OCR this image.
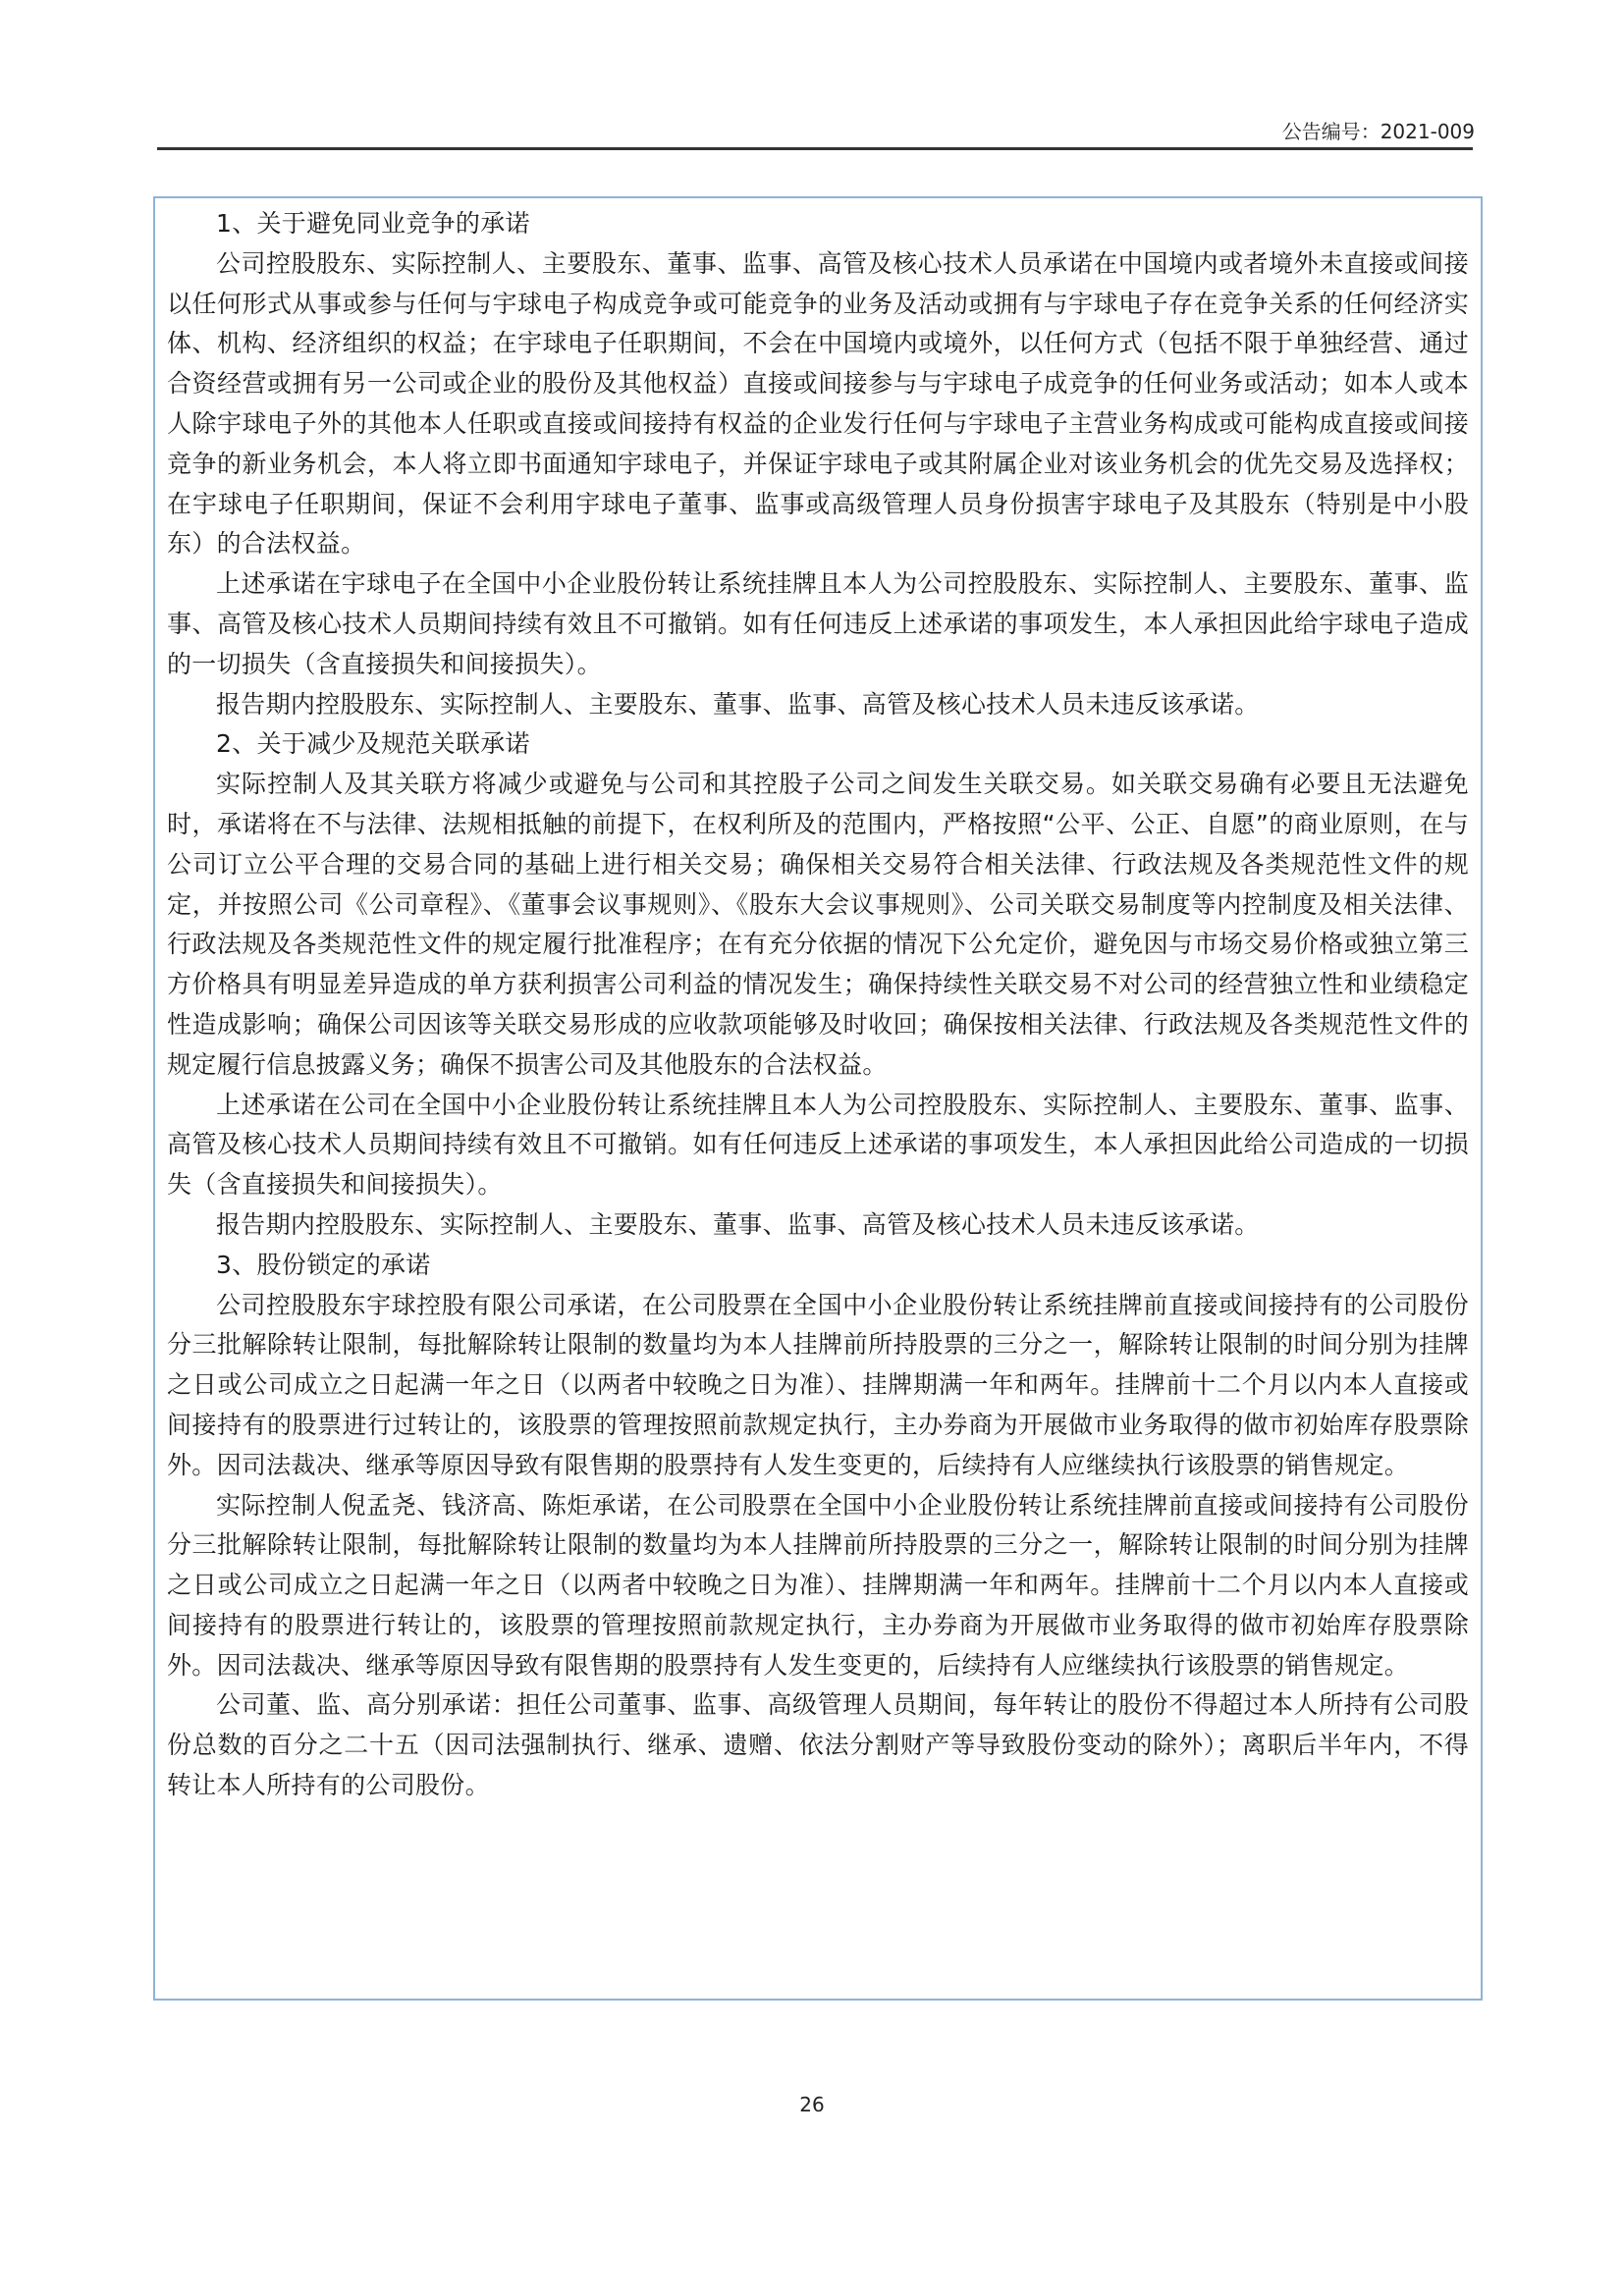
公告编号：2021-009

1、关于避免同业竞争的承诺

公司控股股东、实际控制人、主要股东、董事、监事、高管及核心技术人员承诺在中国境内或者境外未直接或间接以任何形式从事或参与任何与宇球电子构成竞争或可能竞争的业务及活动或拥有与宇球电子存在竞争关系的任何经济实体、机构、经济组织的权益；在宇球电子任职期间，不会在中国境内或境外，以任何方式（包括不限于单独经营、通过合资经营或拥有另一公司或企业的股份及其他权益）直接或间接参与与宇球电子成竞争的任何业务或活动；如本人或本人除宇球电子外的其他本人任职或直接或间接持有权益的企业发行任何与宇球电子主营业务构成或可能构成直接或间接竞争的新业务机会，本人将立即书面通知宇球电子，并保证宇球电子或其附属企业对该业务机会的优先交易及选择权；在宇球电子任职期间，保证不会利用宇球电子董事、监事或高级管理人员身份损害宇球电子及其股东（特别是中小股东）的合法权益。

上述承诺在宇球电子在全国中小企业股份转让系统挂牌且本人为公司控股股东、实际控制人、主要股东、董事、监事、高管及核心技术人员期间持续有效且不可撤销。如有任何违反上述承诺的事项发生，本人承担因此给宇球电子造成的一切损失（含直接损失和间接损失）。

报告期内控股股东、实际控制人、主要股东、董事、监事、高管及核心技术人员未违反该承诺。

2、关于减少及规范关联承诺

实际控制人及其关联方将减少或避免与公司和其控股子公司之间发生关联交易。如关联交易确有必要且无法避免时，承诺将在不与法律、法规相抵触的前提下，在权利所及的范围内，严格按照“公平、公正、自愿”的商业原则，在与公司订立公平合理的交易合同的基础上进行相关交易；确保相关交易符合相关法律、行政法规及各类规范性文件的规定，并按照公司《公司章程》、《董事会议事规则》、《股东大会议事规则》、公司关联交易制度等内控制度及相关法律、行政法规及各类规范性文件的规定履行批准程序；在有充分依据的情况下公允定价，避免因与市场交易价格或独立第三方价格具有明显差异造成的单方获利损害公司利益的情况发生；确保持续性关联交易不对公司的经营独立性和业绩稳定性造成影响；确保公司因该等关联交易形成的应收款项能够及时收回；确保按相关法律、行政法规及各类规范性文件的规定履行信息披露义务；确保不损害公司及其他股东的合法权益。

上述承诺在公司在全国中小企业股份转让系统挂牌且本人为公司控股股东、实际控制人、主要股东、董事、监事、高管及核心技术人员期间持续有效且不可撤销。如有任何违反上述承诺的事项发生，本人承担因此给公司造成的一切损失（含直接损失和间接损失）。

报告期内控股股东、实际控制人、主要股东、董事、监事、高管及核心技术人员未违反该承诺。

3、股份锁定的承诺

公司控股股东宇球控股有限公司承诺，在公司股票在全国中小企业股份转让系统挂牌前直接或间接持有的公司股份分三批解除转让限制，每批解除转让限制的数量均为本人挂牌前所持股票的三分之一，解除转让限制的时间分别为挂牌之日或公司成立之日起满一年之日（以两者中较晚之日为准）、挂牌期满一年和两年。挂牌前十二个月以内本人直接或间接持有的股票进行过转让的，该股票的管理按照前款规定执行，主办券商为开展做市业务取得的做市初始库存股票除外。因司法裁决、继承等原因导致有限售期的股票持有人发生变更的，后续持有人应继续执行该股票的销售规定。

实际控制人倪孟尧、钱济高、陈炬承诺，在公司股票在全国中小企业股份转让系统挂牌前直接或间接持有公司股份分三批解除转让限制，每批解除转让限制的数量均为本人挂牌前所持股票的三分之一，解除转让限制的时间分别为挂牌之日或公司成立之日起满一年之日（以两者中较晚之日为准）、挂牌期满一年和两年。挂牌前十二个月以内本人直接或间接持有的股票进行转让的，该股票的管理按照前款规定执行，主办券商为开展做市业务取得的做市初始库存股票除外。因司法裁决、继承等原因导致有限售期的股票持有人发生变更的，后续持有人应继续执行该股票的销售规定。

公司董、监、高分别承诺：担任公司董事、监事、高级管理人员期间，每年转让的股份不得超过本人所持有公司股份总数的百分之二十五（因司法强制执行、继承、遗赠、依法分割财产等导致股份变动的除外）；离职后半年内，不得转让本人所持有的公司股份。

26
